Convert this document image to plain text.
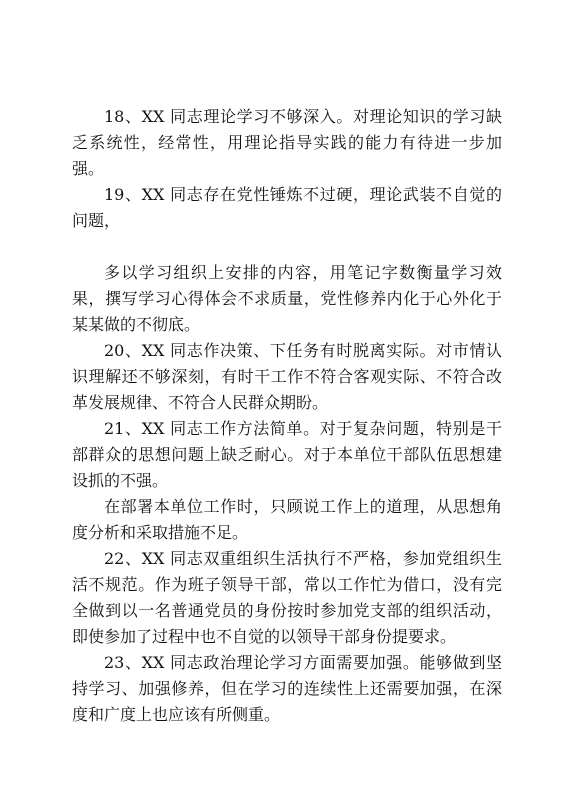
18、XX 同志理论学习不够深入。对理论知识的学习缺乏系统性，经常性，用理论指导实践的能力有待进一步加强。

19、XX 同志存在党性锤炼不过硬，理论武装不自觉的问题，

多以学习组织上安排的内容，用笔记字数衡量学习效果，撰写学习心得体会不求质量，党性修养内化于心外化于某某做的不彻底。

20、XX 同志作决策、下任务有时脱离实际。对市情认识理解还不够深刻，有时干工作不符合客观实际、不符合改革发展规律、不符合人民群众期盼。

21、XX 同志工作方法简单。对于复杂问题，特别是干部群众的思想问题上缺乏耐心。对于本单位干部队伍思想建设抓的不强。

在部署本单位工作时，只顾说工作上的道理，从思想角度分析和采取措施不足。

22、XX 同志双重组织生活执行不严格，参加党组织生活不规范。作为班子领导干部，常以工作忙为借口，没有完全做到以一名普通党员的身份按时参加党支部的组织活动，即使参加了过程中也不自觉的以领导干部身份提要求。

23、XX 同志政治理论学习方面需要加强。能够做到坚持学习、加强修养，但在学习的连续性上还需要加强，在深度和广度上也应该有所侧重。
